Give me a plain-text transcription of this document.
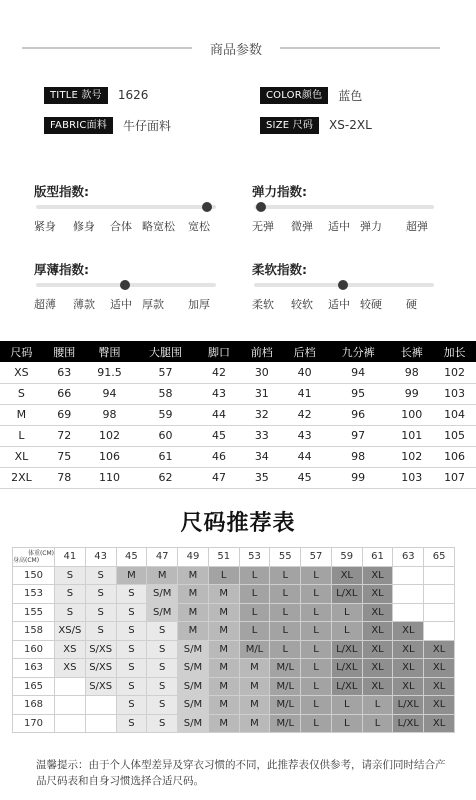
商品参数
TITLE 款号	1626	COLOR颜色	蓝色
FABRIC面料	牛仔面料	SIZE 尺码	XS-2XL
版型指数:
紧身 修身 合体 略宽松 宽松
弹力指数:
无弹 微弹 适中 弹力 超弹
厚薄指数:
超薄 薄款 适中 厚款 加厚
柔软指数:
柔软 较软 适中 较硬 硬
尺码	腰围	臀围	大腿围	脚口	前档	后档	九分裤	长裤	加长
XS	63	91.5	57	42	30	40	94	98	102
S	66	94	58	43	31	41	95	99	103
M	69	98	59	44	32	42	96	100	104
L	72	102	60	45	33	43	97	101	105
XL	75	106	61	46	34	44	98	102	106
2XL	78	110	62	47	35	45	99	103	107
尺码推荐表
体重(CM)
身高(CM)	41	43	45	47	49	51	53	55	57	59	61	63	65
150	S	S	M	M	M	L	L	L	L	XL	XL		
153	S	S	S	S/M	M	M	L	L	L	L/XL	XL		
155	S	S	S	S/M	M	M	L	L	L	L	XL		
158	XS/S	S	S	S	M	M	L	L	L	L	XL	XL	
160	XS	S/XS	S	S	S/M	M	M/L	L	L	L/XL	XL	XL	XL
163	XS	S/XS	S	S	S/M	M	M	M/L	L	L/XL	XL	XL	XL
165		S/XS	S	S	S/M	M	M	M/L	L	L/XL	XL	XL	XL
168			S	S	S/M	M	M	M/L	L	L	L	L/XL	XL
170			S	S	S/M	M	M	M/L	L	L	L	L/XL	XL
温馨提示：由于个人体型差异及穿衣习惯的不同，此推荐表仅供参考，请亲们同时结合产品尺码表和自身习惯选择合适尺码。
